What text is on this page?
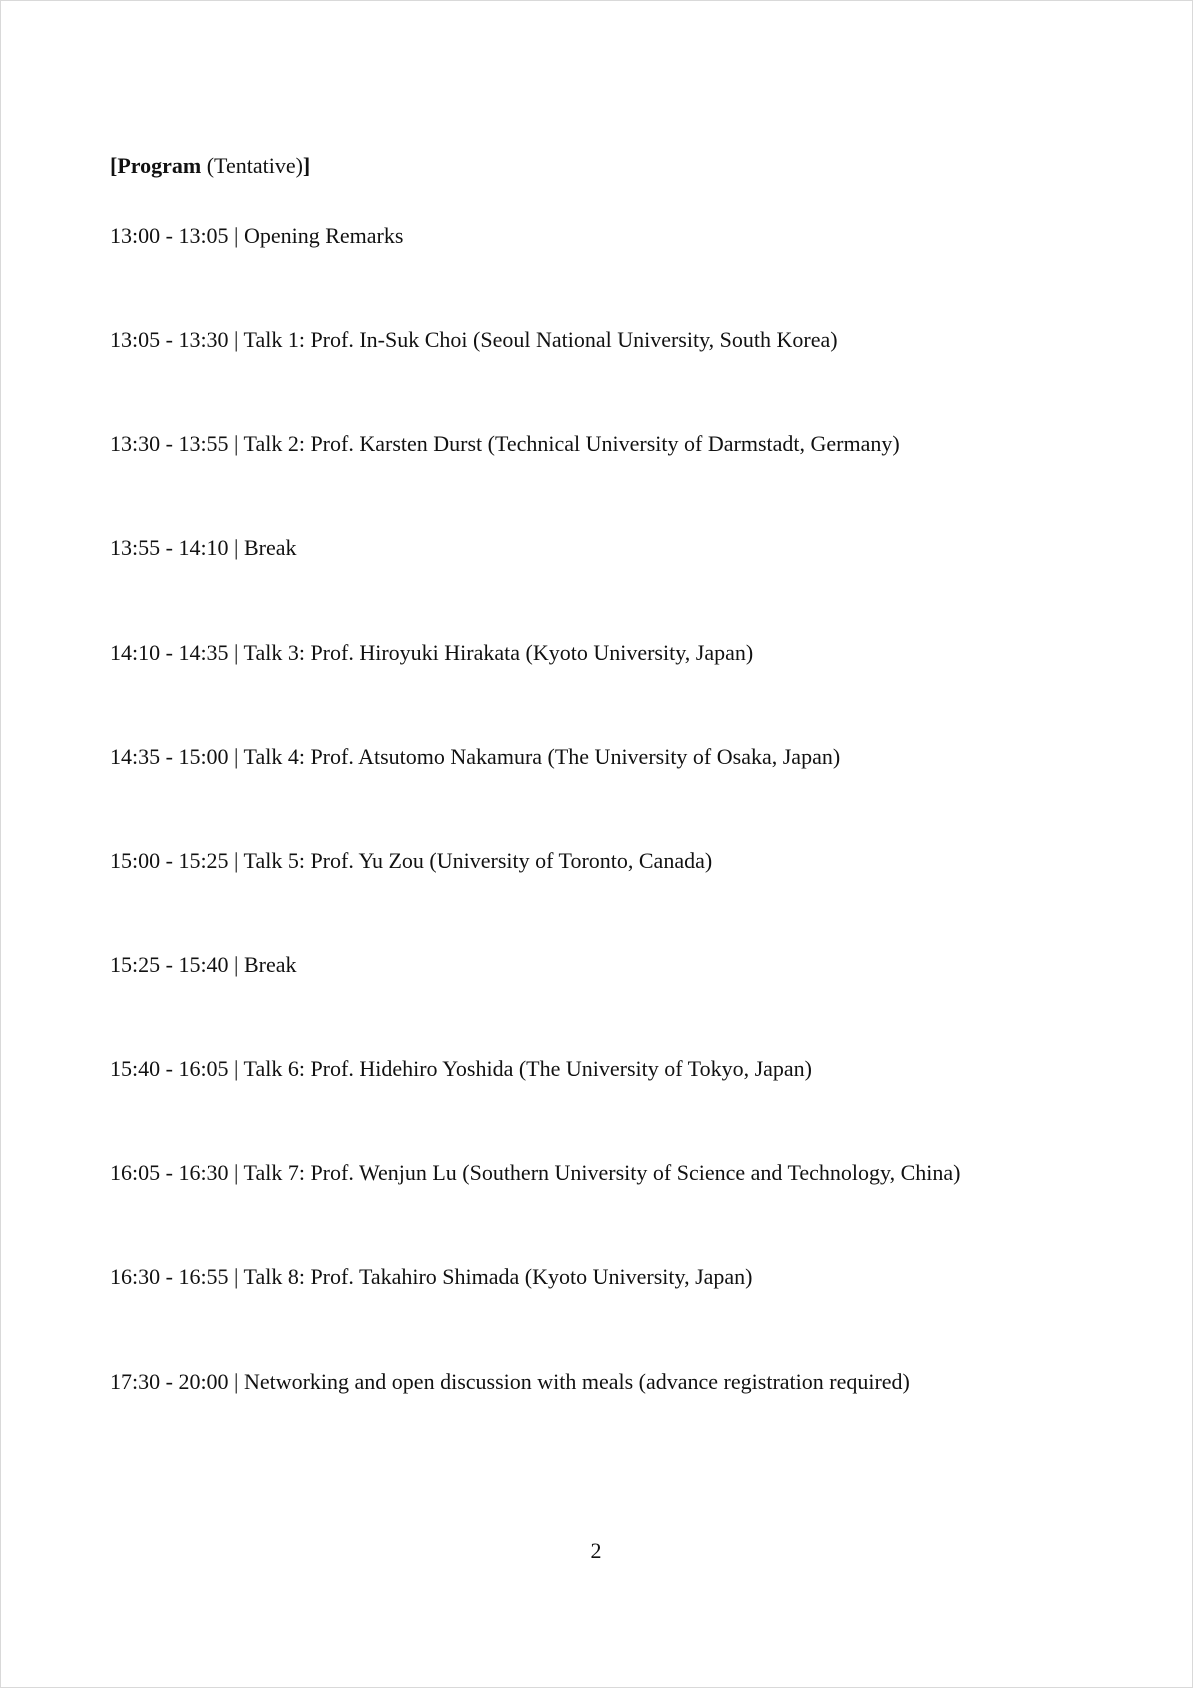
[Program (Tentative)]
13:00 - 13:05 | Opening Remarks
13:05 - 13:30 | Talk 1: Prof. In-Suk Choi (Seoul National University, South Korea)
13:30 - 13:55 | Talk 2: Prof. Karsten Durst (Technical University of Darmstadt, Germany)
13:55 - 14:10 | Break
14:10 - 14:35 | Talk 3: Prof. Hiroyuki Hirakata (Kyoto University, Japan)
14:35 - 15:00 | Talk 4: Prof. Atsutomo Nakamura (The University of Osaka, Japan)
15:00 - 15:25 | Talk 5: Prof. Yu Zou (University of Toronto, Canada)
15:25 - 15:40 | Break
15:40 - 16:05 | Talk 6: Prof. Hidehiro Yoshida (The University of Tokyo, Japan)
16:05 - 16:30 | Talk 7: Prof. Wenjun Lu (Southern University of Science and Technology, China)
16:30 - 16:55 | Talk 8: Prof. Takahiro Shimada (Kyoto University, Japan)
17:30 - 20:00 | Networking and open discussion with meals (advance registration required)
2
